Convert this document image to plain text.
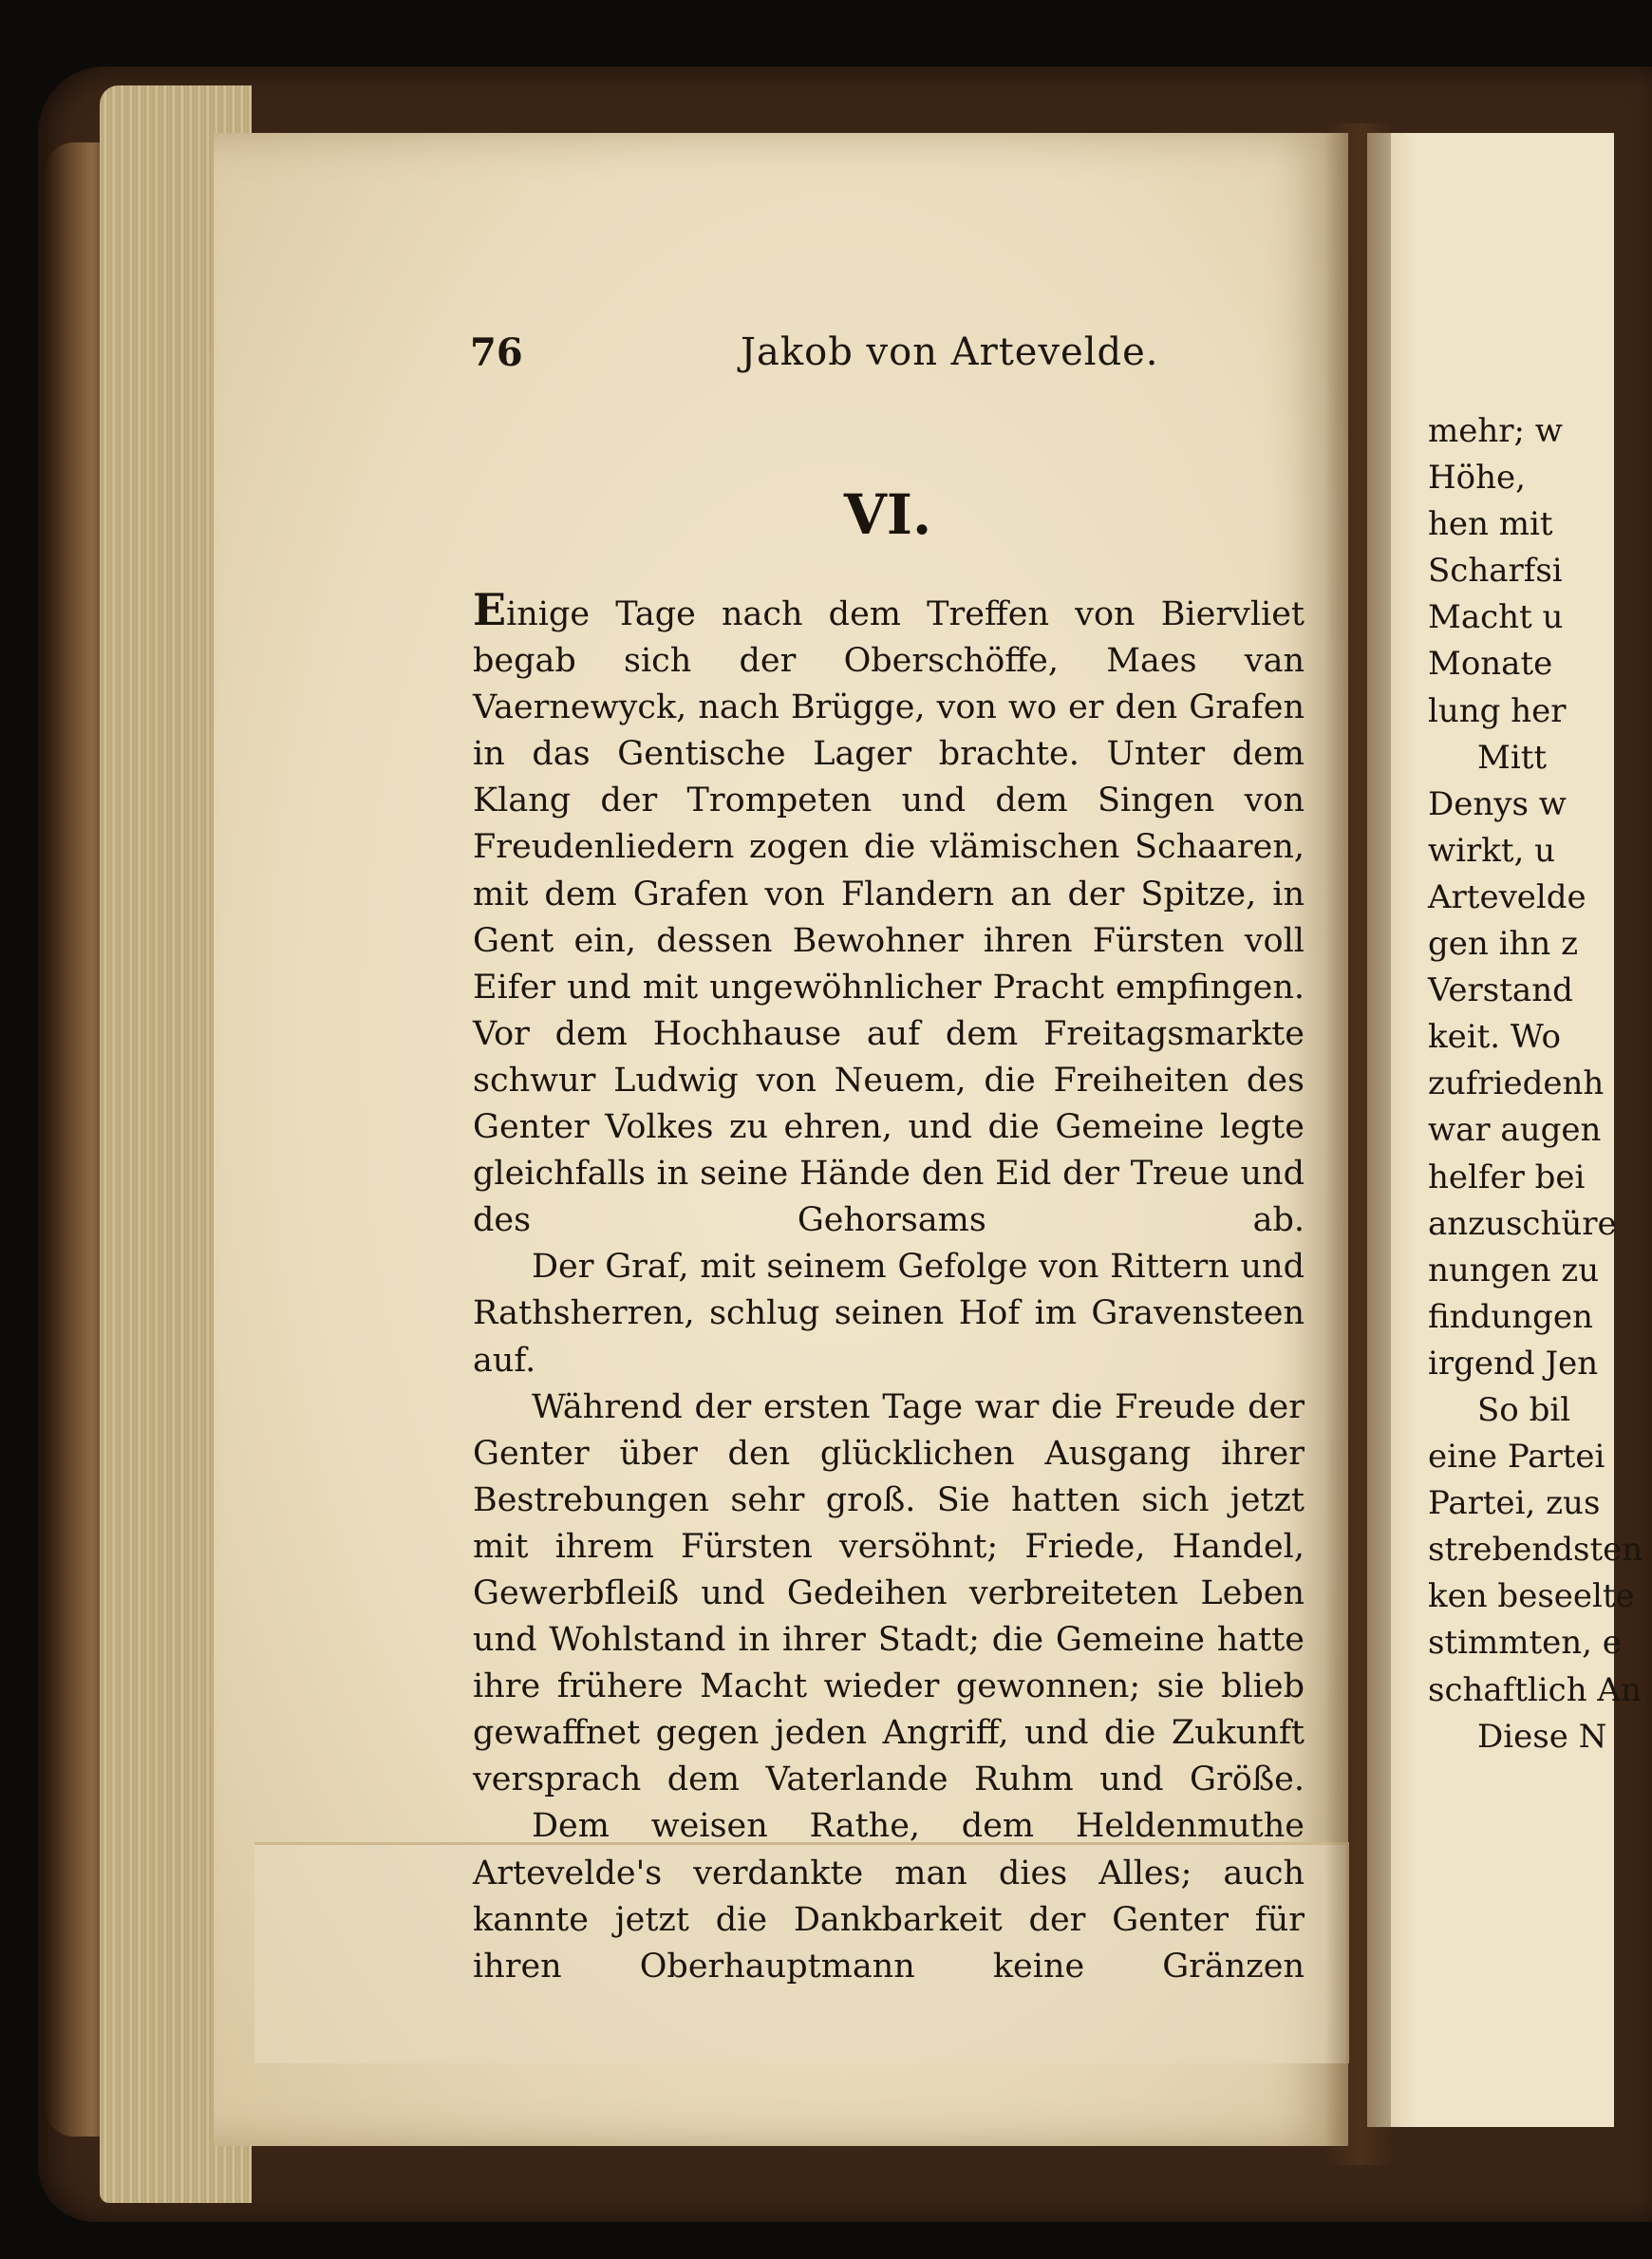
76	Jakob von Artevelde.
VI.

Einige Tage nach dem Treffen von Biervliet begab sich der Oberschöffe, Maes van Vaernewyck, nach Brügge, von wo er den Grafen in das Gentische Lager brachte. Unter dem Klang der Trompeten und dem Singen von Freudenliedern zogen die vlämischen Schaaren, mit dem Grafen von Flandern an der Spitze, in Gent ein, dessen Bewohner ihren Fürsten voll Eifer und mit ungewöhnlicher Pracht empfingen. Vor dem Hochhause auf dem Freitagsmarkte schwur Ludwig von Neuem, die Freiheiten des Genter Volkes zu ehren, und die Gemeine legte gleichfalls in seine Hände den Eid der Treue und des Gehorsams ab.

Der Graf, mit seinem Gefolge von Rittern und Rathsherren, schlug seinen Hof im Gravensteen auf.

Während der ersten Tage war die Freude der Genter über den glücklichen Ausgang ihrer Bestrebungen sehr groß. Sie hatten sich jetzt mit ihrem Fürsten versöhnt; Friede, Handel, Gewerbfleiß und Gedeihen verbreiteten Leben und Wohlstand in ihrer Stadt; die Gemeine hatte ihre frühere Macht wieder gewonnen; sie blieb gewaffnet gegen jeden Angriff, und die Zukunft versprach dem Vaterlande Ruhm und Größe.

Dem weisen Rathe, dem Heldenmuthe Artevelde's verdankte man dies Alles; auch kannte jetzt die Dankbarkeit der Genter für ihren Oberhauptmann keine Gränzen

mehr; w
Höhe,
hen mit
Scharfsi
Macht u
Monate
lung her
Mitt
Denys w
wirkt, u
Artevelde
gen ihn z
Verstand
keit. Wo
zufriedenh
war augen
helfer bei
anzuschüre
nungen zu
findungen
irgend Jen
So bil
eine Partei
Partei, zus
strebendsten
ken beseelte
stimmten, e
schaftlich An
Diese N
